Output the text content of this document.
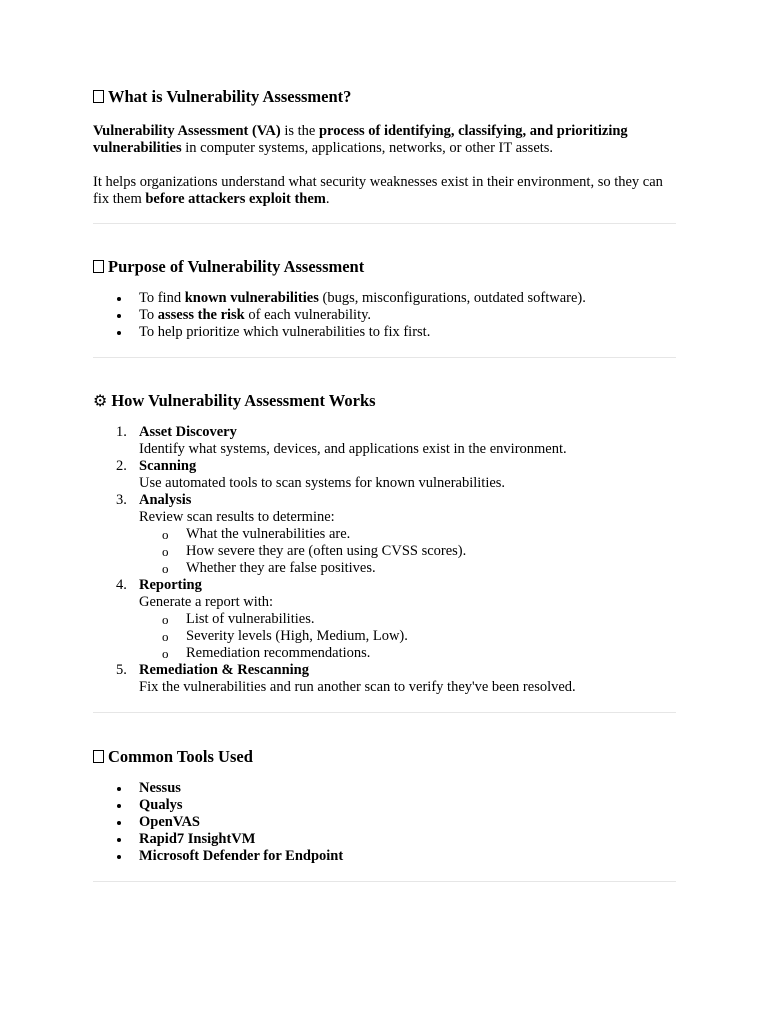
What is Vulnerability Assessment?

Vulnerability Assessment (VA) is the process of identifying, classifying, and prioritizing vulnerabilities in computer systems, applications, networks, or other IT assets.

It helps organizations understand what security weaknesses exist in their environment, so they can fix them before attackers exploit them.

Purpose of Vulnerability Assessment
To find known vulnerabilities (bugs, misconfigurations, outdated software).
To assess the risk of each vulnerability.
To help prioritize which vulnerabilities to fix first.
⚙ How Vulnerability Assessment Works
1. Asset Discovery
Identify what systems, devices, and applications exist in the environment.
2. Scanning
Use automated tools to scan systems for known vulnerabilities.
3. Analysis
Review scan results to determine:
o What the vulnerabilities are.
o How severe they are (often using CVSS scores).
o Whether they are false positives.
4. Reporting
Generate a report with:
o List of vulnerabilities.
o Severity levels (High, Medium, Low).
o Remediation recommendations.
5. Remediation & Rescanning
Fix the vulnerabilities and run another scan to verify they've been resolved.
Common Tools Used
Nessus
Qualys
OpenVAS
Rapid7 InsightVM
Microsoft Defender for Endpoint
